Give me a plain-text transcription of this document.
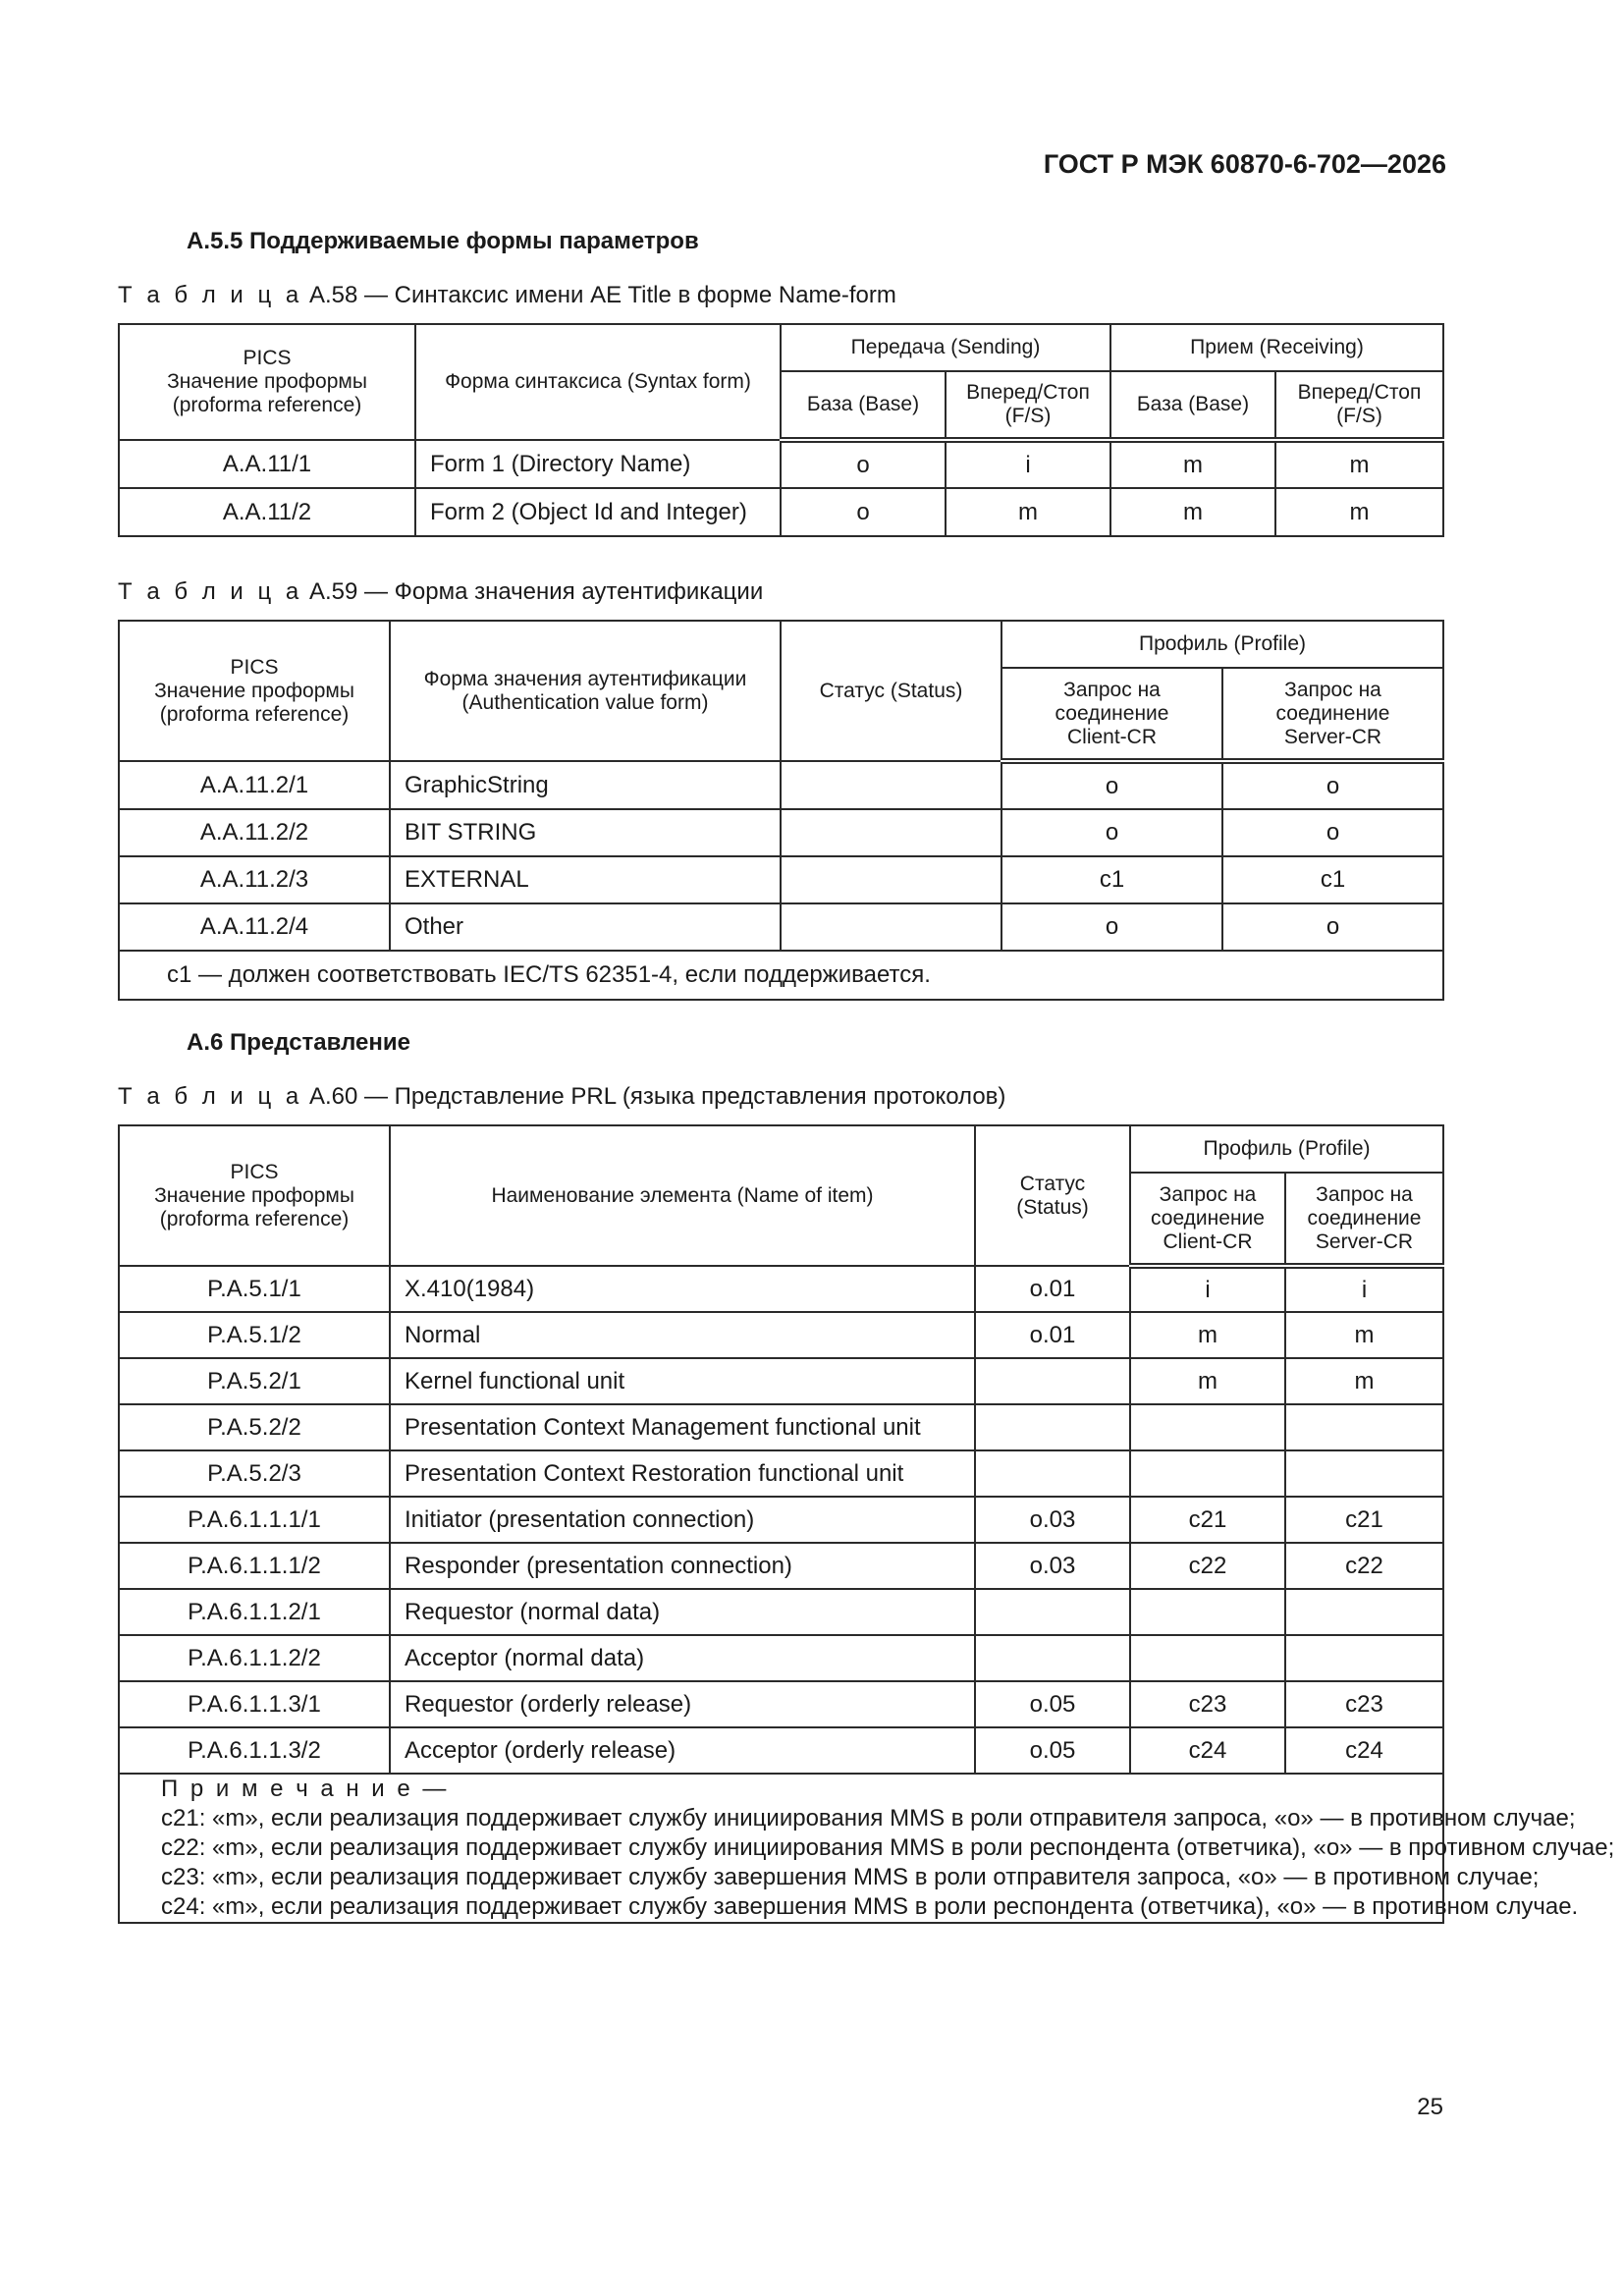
ГОСТ Р МЭК 60870-6-702—2026
A.5.5 Поддерживаемые формы параметров
Т а б л и ц а А.58 — Синтаксис имени AE Title в форме Name-form
PICS
Значение проформы
(proforma reference)	Форма синтаксиса (Syntax form)	Передача (Sending)		Прием (Receiving)	
		База (Base)	Вперед/Стоп
(F/S)	База (Base)	Вперед/Стоп
(F/S)
A.A.11/1	Form 1 (Directory Name)	o	i	m	m
A.A.11/2	Form 2 (Object Id and Integer)	o	m	m	m
Т а б л и ц а А.59 — Форма значения аутентификации
PICS
Значение проформы
(proforma reference)	Форма значения аутентификации
(Authentication value form)	Статус (Status)	Профиль (Profile)	
			Запрос на
соединение
Client-CR	Запрос на
соединение
Server-CR
A.A.11.2/1	GraphicString		o	o
A.A.11.2/2	BIT STRING		o	o
A.A.11.2/3	EXTERNAL		c1	c1
A.A.11.2/4	Other		o	o
c1 — должен соответствовать IEC/TS 62351-4, если поддерживается.				
A.6 Представление
Т а б л и ц а А.60 — Представление PRL (языка представления протоколов)
PICS
Значение проформы
(proforma reference)	Наименование элемента (Name of item)	Статус
(Status)	Профиль (Profile)	
			Запрос на
соединение
Client-CR	Запрос на
соединение
Server-CR
P.A.5.1/1	X.410(1984)	o.01	i	i
P.A.5.1/2	Normal	o.01	m	m
P.A.5.2/1	Kernel functional unit		m	m
P.A.5.2/2	Presentation Context Management functional unit			
P.A.5.2/3	Presentation Context Restoration functional unit			
P.A.6.1.1.1/1	Initiator (presentation connection)	o.03	c21	c21
P.A.6.1.1.1/2	Responder (presentation connection)	o.03	c22	c22
P.A.6.1.1.2/1	Requestor (normal data)			
P.A.6.1.1.2/2	Acceptor (normal data)			
P.A.6.1.1.3/1	Requestor (orderly release)	o.05	c23	c23
P.A.6.1.1.3/2	Acceptor (orderly release)	o.05	c24	c24

П р и м е ч а н и е —

c21: «m», если реализация поддерживает службу инициирования MMS в роли отправителя запроса, «o» — в противном случае;

c22: «m», если реализация поддерживает службу инициирования MMS в роли респондента (ответчика), «o» — в противном случае;

c23: «m», если реализация поддерживает службу завершения MMS в роли отправителя запроса, «o» — в противном случае;

c24: «m», если реализация поддерживает службу завершения MMS в роли респондента (ответчика), «o» — в противном случае.				

25
